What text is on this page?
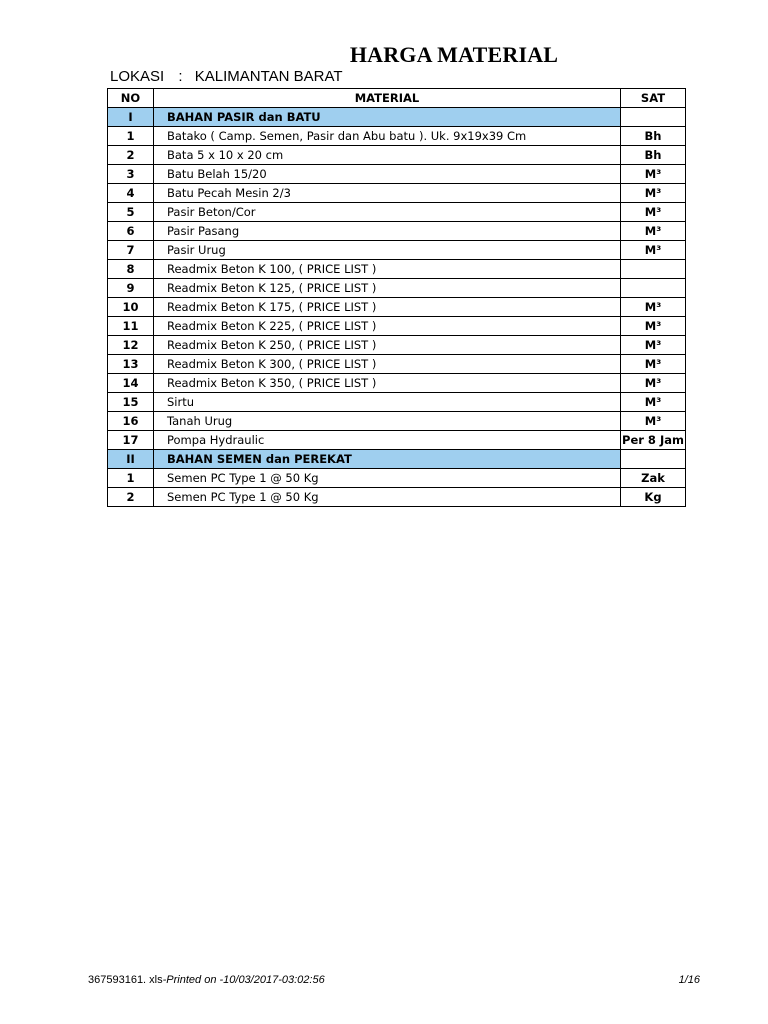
HARGA MATERIAL
LOKASI : KALIMANTAN BARAT
NO	MATERIAL	SAT
I	BAHAN PASIR dan BATU	
1	Batako ( Camp. Semen, Pasir dan Abu batu ). Uk. 9x19x39 Cm	Bh
2	Bata 5 x 10 x 20 cm	Bh
3	Batu Belah 15/20	M³
4	Batu Pecah Mesin 2/3	M³
5	Pasir Beton/Cor	M³
6	Pasir Pasang	M³
7	Pasir Urug	M³
8	Readmix Beton K 100, ( PRICE LIST )	
9	Readmix Beton K 125, ( PRICE LIST )	
10	Readmix Beton K 175, ( PRICE LIST )	M³
11	Readmix Beton K 225, ( PRICE LIST )	M³
12	Readmix Beton K 250, ( PRICE LIST )	M³
13	Readmix Beton K 300, ( PRICE LIST )	M³
14	Readmix Beton K 350, ( PRICE LIST )	M³
15	Sirtu	M³
16	Tanah Urug	M³
17	Pompa Hydraulic	Per 8 Jam
II	BAHAN SEMEN dan PEREKAT	
1	Semen PC Type 1 @ 50 Kg	Zak
2	Semen PC Type 1 @ 50 Kg	Kg
367593161. xls-Printed on -10/03/2017-03:02:56	1/16
